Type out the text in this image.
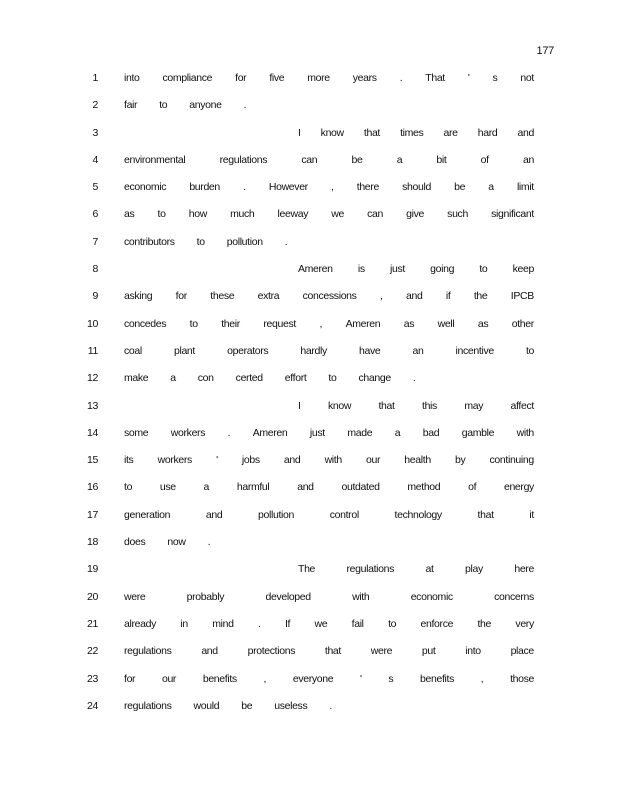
177
1 into compliance for five more years . That ' s not
2 fair to anyone .
3	I know that times are hard and
4 environmental	regulations	can	be	a	bit	of	an
5 economic burden . However , there should be a limit
6 as to how much leeway we can give such significant
7 contributors to pollution .
8	Ameren is just going to keep
9 asking for these extra concessions , and if the IPCB
10 concedes to their request , Ameren as well as other
11 coal	plant	operators	hardly	have	an	incentive	to
12 make a con certed effort to change .
13	I	know	that	this	may	affect
14 some workers . Ameren just made a bad gamble with
15 its workers ' jobs and with our health by continuing
16 to	use	a	harmful	and	outdated	method	of	energy
17 generation	and	pollution	control	technology	that	it
18 does now .
19	The	regulations	at	play	here
20 were	probably	developed	with	economic	concerns
21 already in mind . If we fail to enforce the very
22 regulations	and	protections	that	were	put	into	place
23 for	our	benefits	,	everyone	'	s	benefits	,	those
24 regulations would be useless .
